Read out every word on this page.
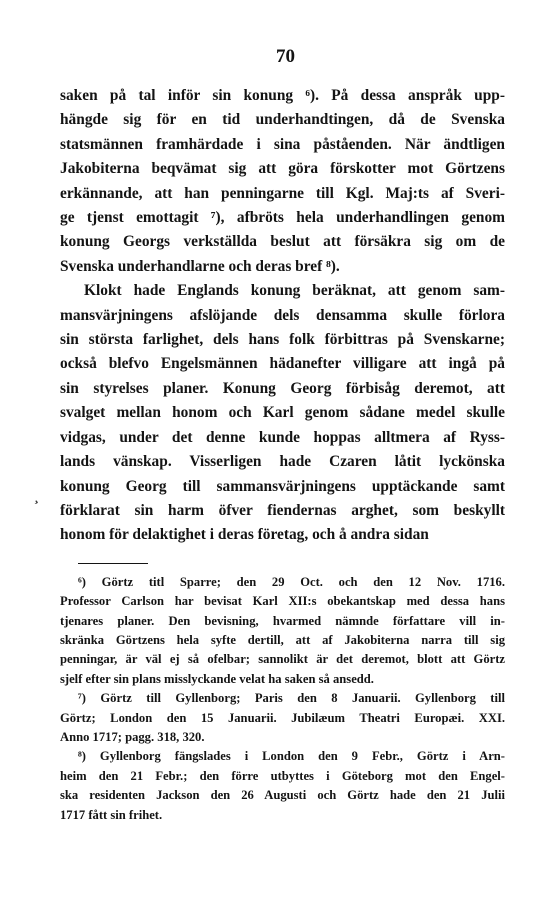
70

saken på tal inför sin konung ⁶). På dessa anspråk upp-
hängde sig för en tid underhandtingen, då de Svenska
statsmännen framhärdade i sina påståenden. När ändtligen
Jakobiterna beqvämat sig att göra förskotter mot Görtzens
erkännande, att han penningarne till Kgl. Maj:ts af Sveri-
ge tjenst emottagit ⁷), afbröts hela underhandlingen genom
konung Georgs verkställda beslut att försäkra sig om de
Svenska underhandlarne och deras bref ⁸).

Klokt hade Englands konung beräknat, att genom sam-
mansvärjningens afslöjande dels densamma skulle förlora
sin största farlighet, dels hans folk förbittras på Svenskarne;
också blefvo Engelsmännen hädanefter villigare att ingå på
sin styrelses planer. Konung Georg förbisåg deremot, att
svalget mellan honom och Karl genom sådane medel skulle
vidgas, under det denne kunde hoppas alltmera af Ryss-
lands vänskap. Visserligen hade Czaren låtit lyckönska
konung Georg till sammansvärjningens upptäckande samt
förklarat sin harm öfver fiendernas arghet, som beskyllt
honom för delaktighet i deras företag, och å andra sidan

⁶) Görtz titl Sparre; den 29 Oct. och den 12 Nov. 1716.
Professor Carlson har bevisat Karl XII:s obekantskap med dessa hans
tjenares planer. Den bevisning, hvarmed nämnde författare vill in-
skränka Görtzens hela syfte dertill, att af Jakobiterna narra till sig
penningar, är väl ej så ofelbar; sannolikt är det deremot, blott att Görtz
sjelf efter sin plans misslyckande velat ha saken så ansedd.

⁷) Görtz till Gyllenborg; Paris den 8 Januarii. Gyllenborg till
Görtz; London den 15 Januarii. Jubilæum Theatri Europæi. XXI.
Anno 1717; pagg. 318, 320.

⁸) Gyllenborg fängslades i London den 9 Febr., Görtz i Arn-
heim den 21 Febr.; den förre utbyttes i Göteborg mot den Engel-
ska residenten Jackson den 26 Augusti och Görtz hade den 21 Julii
1717 fått sin frihet.

¸
